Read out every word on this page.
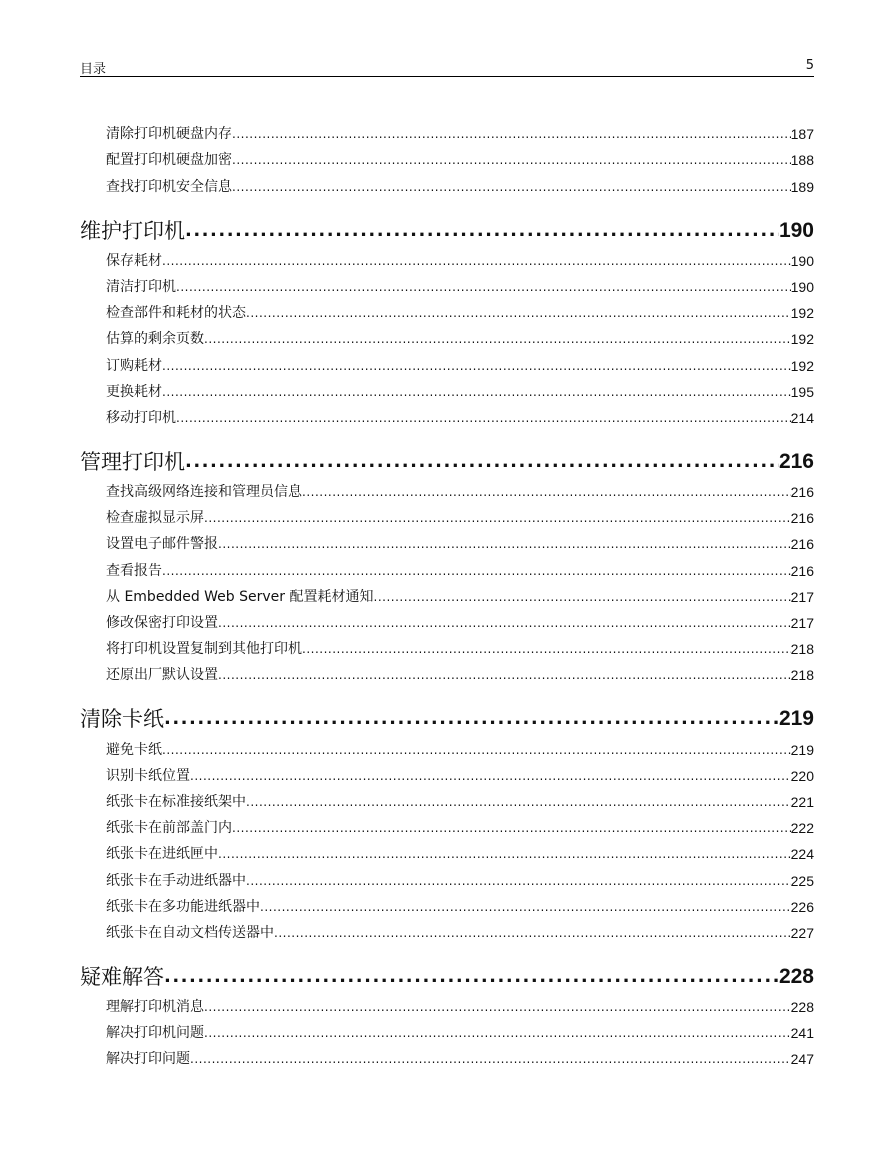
目录	5
清除打印机硬盘内存 .....	187
配置打印机硬盘加密 .....	188
查找打印机安全信息 .....	189
维护打印机 .....	190
保存耗材 .....	190
清洁打印机 .....	190
检查部件和耗材的状态 .....	192
估算的剩余页数 .....	192
订购耗材 .....	192
更换耗材 .....	195
移动打印机 .....	214
管理打印机 .....	216
查找高级网络连接和管理员信息 .....	216
检查虚拟显示屏 .....	216
设置电子邮件警报 .....	216
查看报告 .....	216
从 Embedded Web Server 配置耗材通知 .....	217
修改保密打印设置 .....	217
将打印机设置复制到其他打印机 .....	218
还原出厂默认设置 .....	218
清除卡纸 .....	219
避免卡纸 .....	219
识别卡纸位置 .....	220
纸张卡在标准接纸架中 .....	221
纸张卡在前部盖门内 .....	222
纸张卡在进纸匣中 .....	224
纸张卡在手动进纸器中 .....	225
纸张卡在多功能进纸器中 .....	226
纸张卡在自动文档传送器中 .....	227
疑难解答 .....	228
理解打印机消息 .....	228
解决打印机问题 .....	241
解决打印问题 .....	247
